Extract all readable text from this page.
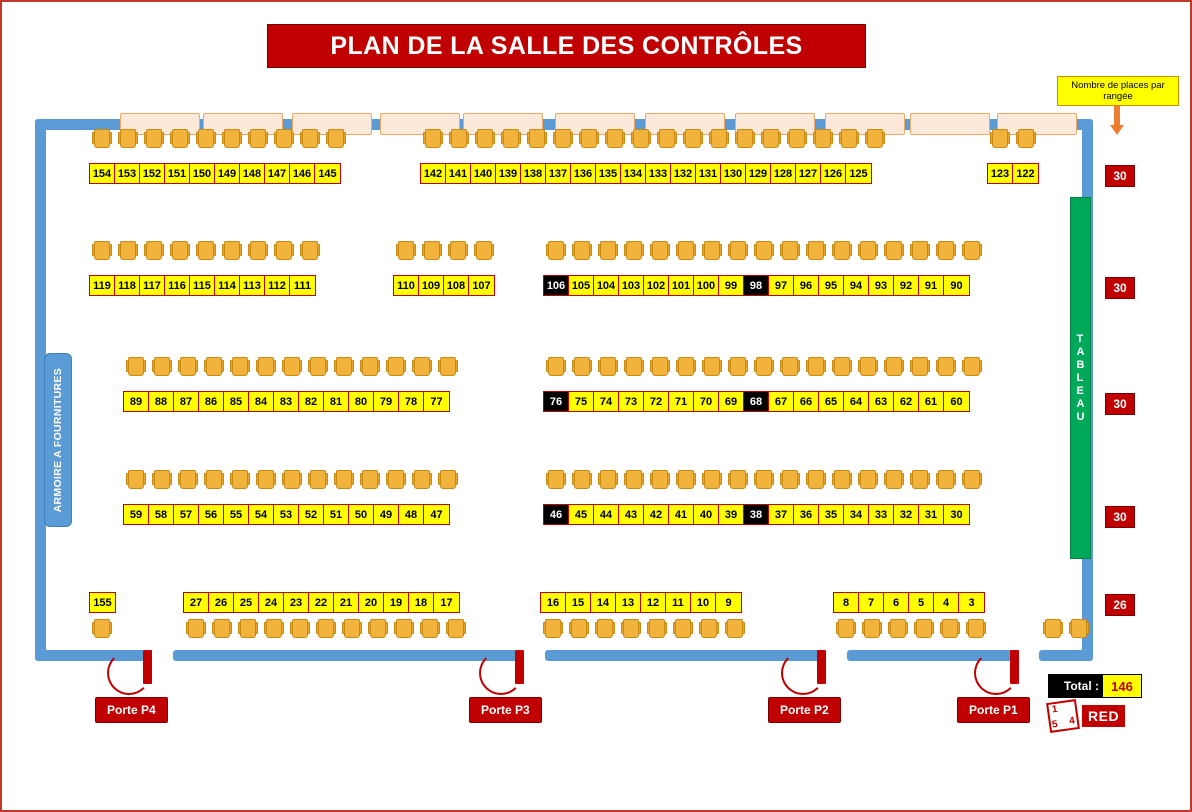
PLAN DE LA SALLE DES CONTRÔLES
Nombre de places par rangée
T
A
B
L
E
A
U
ARMOIRE A FOURNITURES
154 153 152 151 150 149 148 147 146 145	142 141 140 139 138 137 136 135 134 133 132 131 130 129 128 127 126 125	123 122
119 118 117 116 115 114 113 112 111	110 109 108 107	106 105 104 103 102 101 100 99	98	97	96	95	94	93	92	91	90
89	88	87	86	85	84	83	82	81	80	79	78	77	76	75	74	73	72	71	70	69	68	67	66	65	64	63	62	61	60
59	58	57	56	55	54	53	52	51	50	49	48	47	46	45	44	43	42	41	40	39	38	37	36	35	34	33	32	31	30
155	27	26	25	24	23	22	21	20	19	18	17	16	15	14	13	12	11	10	9	8	7	6	5	4	3
Porte P4	Porte P3	Porte P2	Porte P1
30
30
30
30
26
Total : 146
1
5 4 RED
